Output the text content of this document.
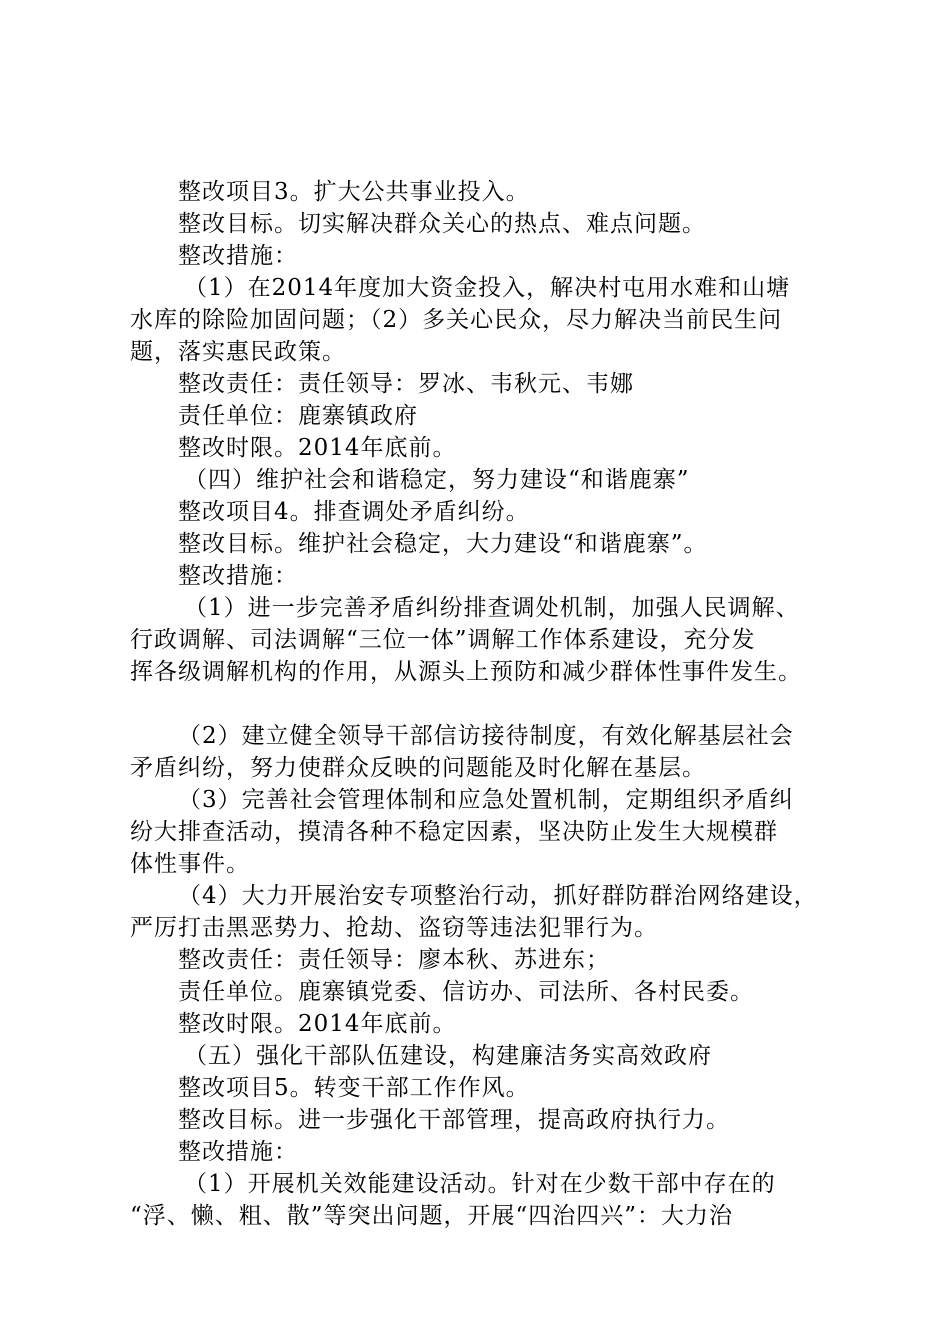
整改项目3。扩大公共事业投入。
整改目标。切实解决群众关心的热点、难点问题。
整改措施：
（1）在2014年度加大资金投入，解决村屯用水难和山塘
水库的除险加固问题；（2）多关心民众，尽力解决当前民生问
题，落实惠民政策。
整改责任：责任领导：罗冰、韦秋元、韦娜
责任单位：鹿寨镇政府
整改时限。2014年底前。
（四）维护社会和谐稳定，努力建设“和谐鹿寨”
整改项目4。排查调处矛盾纠纷。
整改目标。维护社会稳定，大力建设“和谐鹿寨”。
整改措施：
（1）进一步完善矛盾纠纷排查调处机制，加强人民调解、
行政调解、司法调解“三位一体”调解工作体系建设，充分发
挥各级调解机构的作用，从源头上预防和减少群体性事件发生。
（2）建立健全领导干部信访接待制度，有效化解基层社会
矛盾纠纷，努力使群众反映的问题能及时化解在基层。
（3）完善社会管理体制和应急处置机制，定期组织矛盾纠
纷大排查活动，摸清各种不稳定因素，坚决防止发生大规模群
体性事件。
（4）大力开展治安专项整治行动，抓好群防群治网络建设，
严厉打击黑恶势力、抢劫、盗窃等违法犯罪行为。
整改责任：责任领导：廖本秋、苏进东；
责任单位。鹿寨镇党委、信访办、司法所、各村民委。
整改时限。2014年底前。
（五）强化干部队伍建设，构建廉洁务实高效政府
整改项目5。转变干部工作作风。
整改目标。进一步强化干部管理，提高政府执行力。
整改措施：
（1）开展机关效能建设活动。针对在少数干部中存在的
“浮、懒、粗、散”等突出问题，开展“四治四兴”：大力治
